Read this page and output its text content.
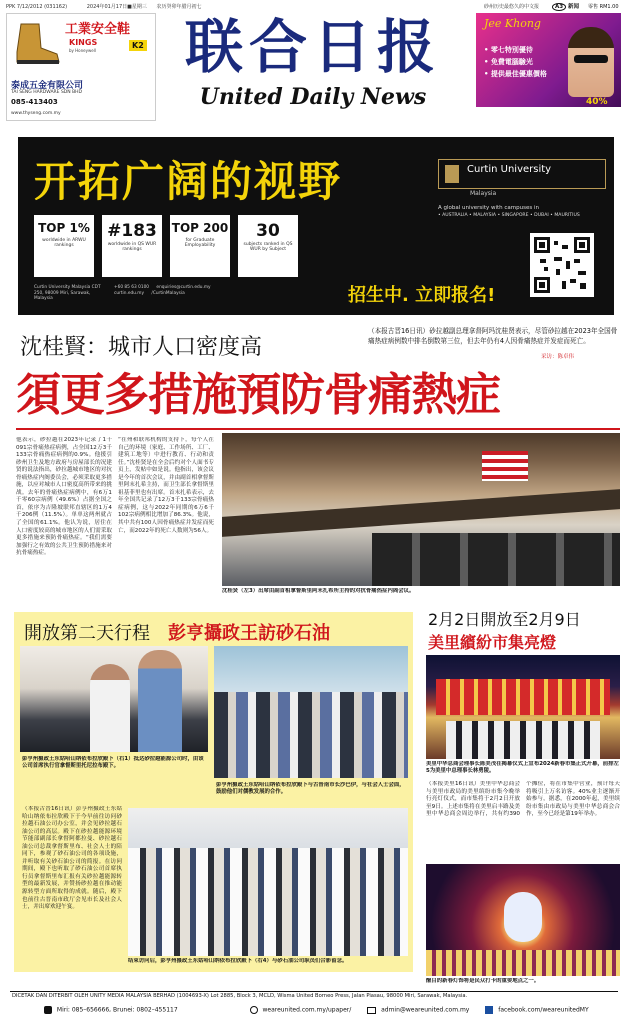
PPK 7/12/2012 (031162)	2024年01月17日■星期三 农历癸卯年腊月初七	砂州历史最悠久的中文报	A3 新闻 零售 RM1.00
工業安全鞋
KINGS
by Honeywell
K2
泰成五金有限公司
TAI SENG HARDWARE SDN BHD
085-413403
www.thyseng.com.my
联合日报
United Daily News
Jee Khong
• 零七特別優待
• 免費電腦驗光
• 提供最佳優惠價格
40%
开拓广阔的视野	Curtin University
Malaysia
A global university with campuses in
• AUSTRALIA • MALAYSIA • SINGAPORE • DUBAI • MAURITIUS
TOP 1%
worldwide in ARWU rankings
#183
worldwide in QS WUR rankings
TOP 200
for Graduate Employability
30
subjects ranked in QS WUR by Subject
Curtin University Malaysia CDT 250, 98009 Miri, Sarawak, Malaysia
+60 85 63 0100 enquiries@curtin.edu.my
curtin.edu.my /CurtinMalaysia	招生中. 立即报名!
沈桂賢：城市人口密度高
（本报古晋16日讯）砂拉越副总理拿督阿玛沈桂贤表示，尽管砂拉越在2023年全国骨痛热症病例数中排名倒数第三位，但去年仍有4人因骨痛热症并发症而死亡。
采访：陈卓伟
須更多措施預防骨痛熱症
他表示，砂拉越在2023年记录了1千091宗骨痛热症病例，占全国12万3千133宗骨痛热症病例的0.9%。他援引砂州卫生及地方政府与房屋部长的况建贤的说法指出，砂拉越城市地区的对抗骨痛热症内阁委员会，必须采取更多措施，以应对城市人口密度高所带来的挑战。去年的骨痛热症病例中，有6万1千零60宗病例（49.6%）占据全国之首，依序为吉隆坡联邦直辖区的1万4千206例（11.5%）。单单这两州就占了全国的61.1%。他认为说，居住在人口密度较高的城市地区的人们需采取更多措施来预防骨痛热症。“我们需要加强行之有效的公共卫生预防措施来对抗骨痛热症。
“在州和联邦机构的支持下，每个人在自己的环境（家庭、工作场所、工厂、建筑工地等）中进行教育、行动和责任。”沈桂贤是在全会后约对个人面书专页上，发帖中如是说。他指出，该会议是今年的首次会议，并由副首相拿督斯里阿末扎希主持，而卫生部长拿督斯里祖基菲里也有出席。首末扎希表示，去年全国共记录了12万3千133宗骨痛热症病例，这与2022年同期的6万6千102宗病例相比增加了86.3%。他说，其中共有100人因骨痛热症并发症而死亡，而2022年的死亡人数则为56人。
沈桂贤（左3）出席由副首相拿督斯里阿末扎希所主持的对抗骨痛热症内阁会议。
開放第二天行程 彭亨攝政王訪砂石油
彭亨州摄政王东姑哈山纳依布拉欣殿下（右1）抵达砂拉越能源公司时，由该公司首席执行官拿督斯里托尼拉布殿下。
彭亨州摄政王东姑哈山纳依布拉欣殿下与古晋南市长沙巴伊，与社会人士会面，鼓励他们对儒教发展的合作。
（本报古晋16日讯）彭亨州摄政王东姑哈山纳依布拉欣殿下于今早前往访问砂拉越石油公司办公室，并会见砂拉越石油公司的高层。殿下在砂拉越能源环境节能部副部长拿督阿都拉曼、砂拉越石油公司总裁拿督斯里布、社会人士的陪同下，参观了砂石油公司的各项设施，并听取有关砂石油公司的简报。在访问期间，殿下也听取了砂石油公司首席执行员拿督斯里布汇报有关砂拉越能源转型的最新发展，并赞扬砂拉越在推动能源转型方面所取得的成就。随后，殿下也前往古晋南市政厅会见市长及社会人士，并出席欢迎午宴。
结束访问后，彭亨州摄政王东姑哈山纳依布拉欣殿下（右4）与砂石油公司职员们合影留念。
2月2日開放至2月9日
美里繽紛市集亮燈
美里中华总商会理事长陈美茂在揭幕仪式上宣布2024新春市集正式开幕，前排左5为美里中总理事长林勇陵。
（本报美里16日讯）美里中华总商会与美里市政局的美里缤纷市集今晚举行亮灯仪式，而市集将于2月2日开放至9日。上述市集将在美里启丰路及美里中华总商会周边举行，共有约390个摊位，将在市集中营业，预计每天将吸引上万名访客。40%业主逐渐开始参与，据悉，在2000年起，美里缤纷市集由市政局与美里中华总商会合作，至今已经是第19年举办。
醒目的新春灯饰将是民众打卡的重要地点之一。
DICETAK DAN DITERBIT OLEH UNITY MEDIA MALAYSIA BERHAD (1004693-X) Lot 2885, Block 3, MCLD, Wisma United Borneo Press, Jalan Piasau, 98000 Miri, Sarawak, Malaysia.
Miri: 085–656666, Brunei: 0802–455117	weareunited.com.my/upaper/	admin@weareunited.com.my	facebook.com/weareunitedMY
